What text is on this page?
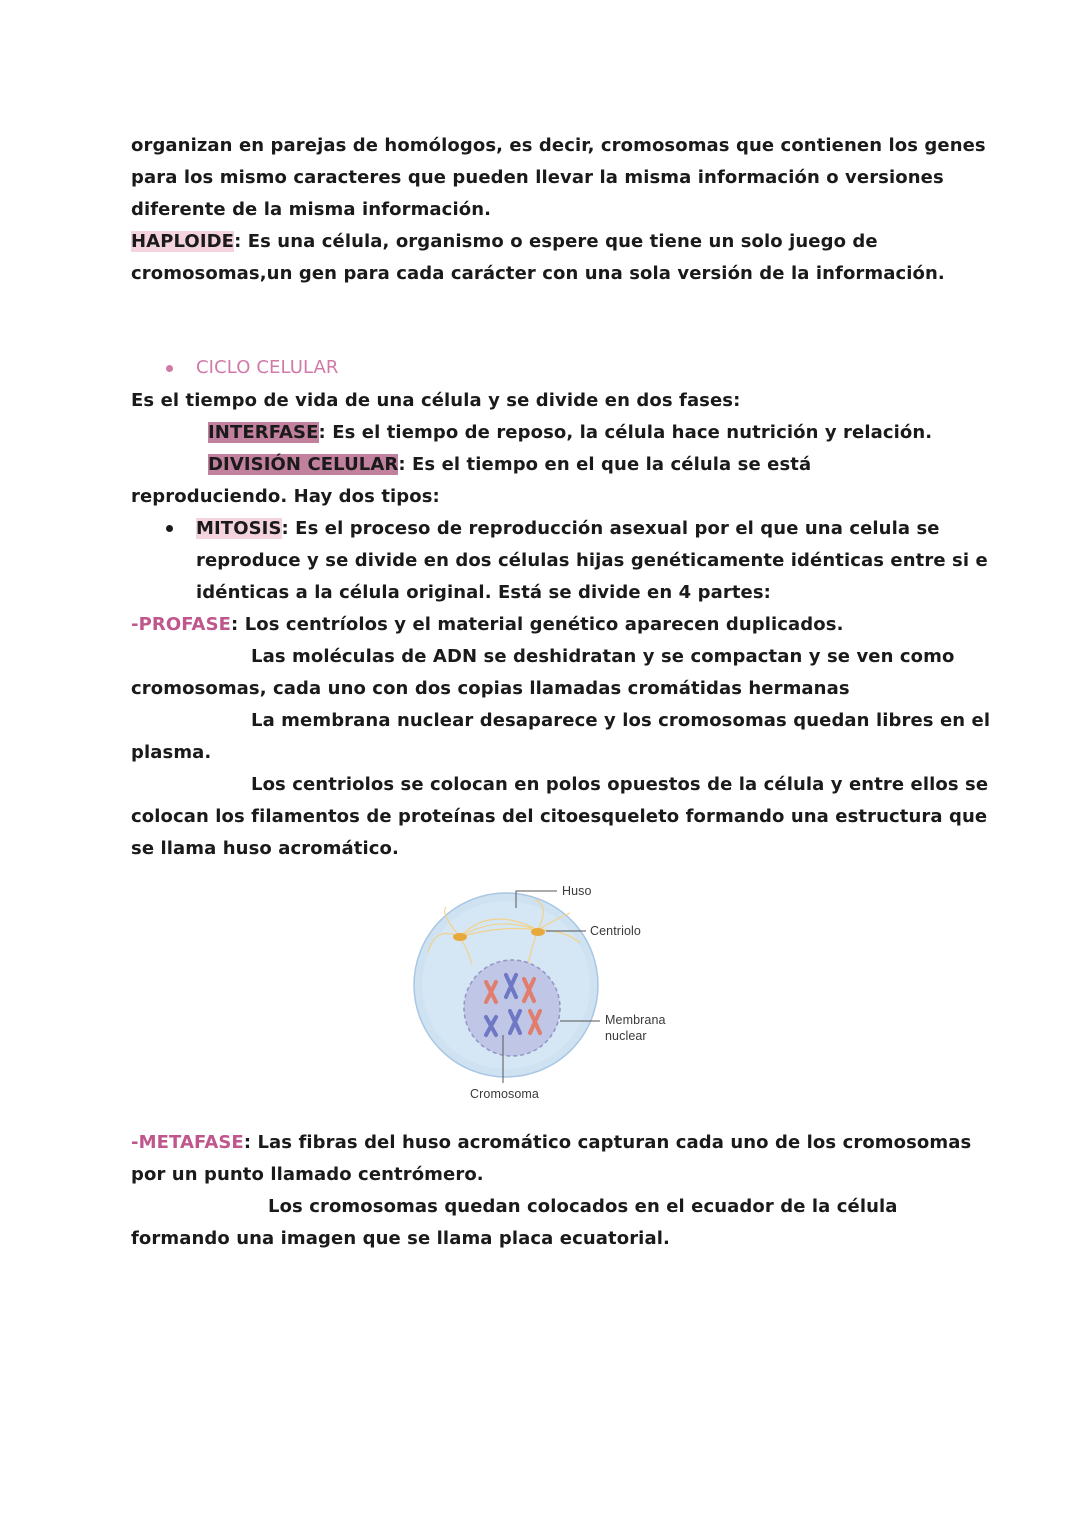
organizan en parejas de homólogos, es decir, cromosomas que contienen los genes
para los mismo caracteres que pueden llevar la misma información o versiones
diferente de la misma información.
HAPLOIDE: Es una célula, organismo o espere que tiene un solo juego de
cromosomas,un gen para cada carácter con una sola versión de la información.
CICLO CELULAR
Es el tiempo de vida de una célula y se divide en dos fases:
INTERFASE: Es el tiempo de reposo, la célula hace nutrición y relación.
DIVISIÓN CELULAR: Es el tiempo en el que la célula se está
reproduciendo. Hay dos tipos:
MITOSIS: Es el proceso de reproducción asexual por el que una celula se
reproduce y se divide en dos células hijas genéticamente idénticas entre si e
idénticas a la célula original. Está se divide en 4 partes:
-PROFASE: Los centríolos y el material genético aparecen duplicados.
Las moléculas de ADN se deshidratan y se compactan y se ven como
cromosomas, cada uno con dos copias llamadas cromátidas hermanas
La membrana nuclear desaparece y los cromosomas quedan libres en el
plasma.
Los centriolos se colocan en polos opuestos de la célula y entre ellos se
colocan los filamentos de proteínas del citoesqueleto formando una estructura que
se llama huso acromático.
Huso
Centriolo
Membrana
nuclear
Cromosoma
-METAFASE: Las fibras del huso acromático capturan cada uno de los cromosomas
por un punto llamado centrómero.
Los cromosomas quedan colocados en el ecuador de la célula
formando una imagen que se llama placa ecuatorial.
